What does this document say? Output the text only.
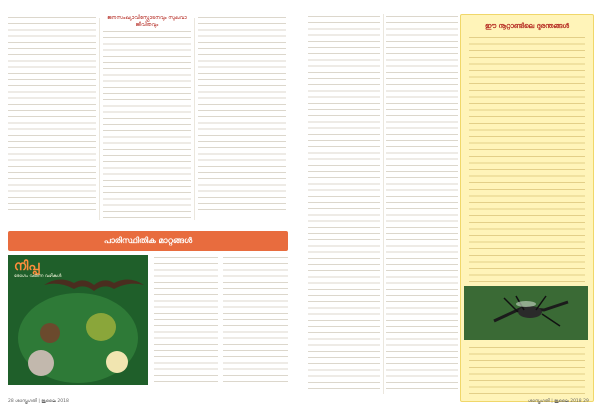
ജനസംഖ്യാവിസ്ഫോടനവും സുഖവാ ജീവിതവും
പാരിസ്ഥിതിക മാറ്റങ്ങൾ
നിപ്പ
രോഗം വരുന്ന വഴികൾ
28 ശാസ്ത്രഗതി | ജൂലൈ 2018
ഈ നൂറ്റാണ്ടിലെ ദുരന്തങ്ങൾ
ശാസ്ത്രഗതി | ജൂലൈ 2018 29
